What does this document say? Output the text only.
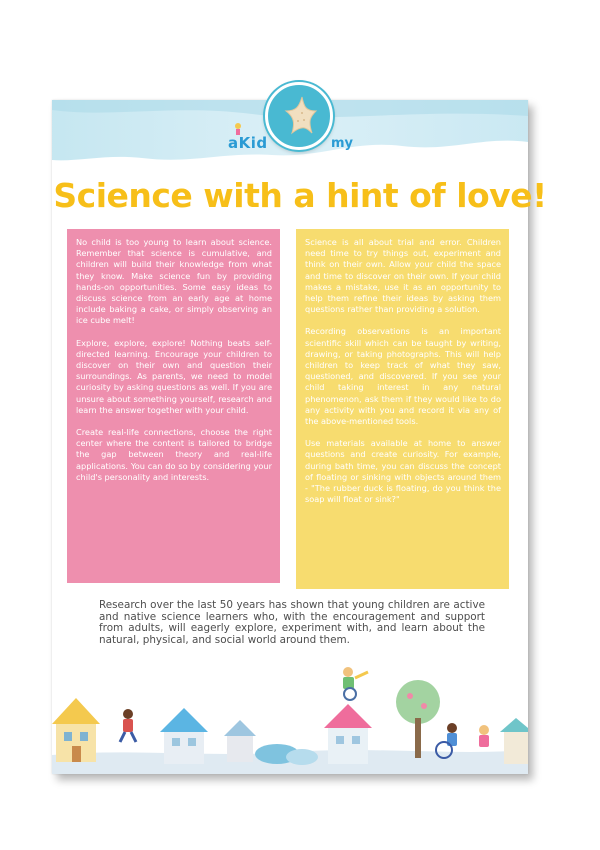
aKid	my
Science with a hint of love!

No child is too young to learn about science. Remember that science is cumulative, and children will build their knowledge from what they know. Make science fun by providing hands-on opportunities. Some easy ideas to discuss science from an early age at home include baking a cake, or simply observing an ice cube melt!

Explore, explore, explore! Nothing beats self-directed learning. Encourage your children to discover on their own and question their surroundings. As parents, we need to model curiosity by asking questions as well. If you are unsure about something yourself, research and learn the answer together with your child.

Create real-life connections, choose the right center where the content is tailored to bridge the gap between theory and real-life applications. You can do so by considering your child's personality and interests.

Science is all about trial and error. Children need time to try things out, experiment and think on their own. Allow your child the space and time to discover on their own. If your child makes a mistake, use it as an opportunity to help them refine their ideas by asking them questions rather than providing a solution.

Recording observations is an important scientific skill which can be taught by writing, drawing, or taking photographs. This will help children to keep track of what they saw, questioned, and discovered. If you see your child taking interest in any natural phenomenon, ask them if they would like to do any activity with you and record it via any of the above-mentioned tools.

Use materials available at home to answer questions and create curiosity. For example, during bath time, you can discuss the concept of floating or sinking with objects around them - "The rubber duck is floating, do you think the soap will float or sink?"

Research over the last 50 years has shown that young children are active and native science learners who, with the encouragement and support from adults, will eagerly explore, experiment with, and learn about the natural, physical, and social world around them.
